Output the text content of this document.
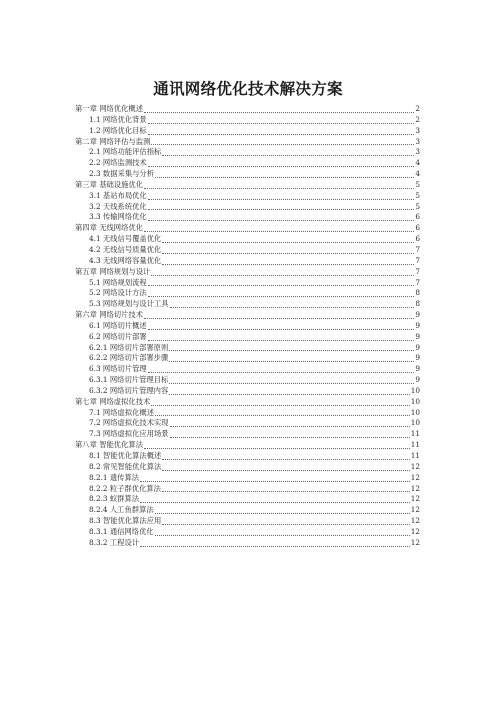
通讯网络优化技术解决方案
第一章 网络优化概述	2
1.1 网络优化背景	2
1.2 网络优化目标	3
第二章 网络评估与监测	3
2.1 网络功能评估指标	3
2.2 网络监测技术	4
2.3 数据采集与分析	4
第三章 基础设施优化	5
3.1 基站布局优化	5
3.2 天线系统优化	5
3.3 传输网络优化	6
第四章 无线网络优化	6
4.1 无线信号覆盖优化	6
4.2 无线信号质量优化	7
4.3 无线网络容量优化	7
第五章 网络规划与设计	7
5.1 网络规划流程	7
5.2 网络设计方法	8
5.3 网络规划与设计工具	8
第六章 网络切片技术	9
6.1 网络切片概述	9
6.2 网络切片部署	9
6.2.1 网络切片部署原则	9
6.2.2 网络切片部署步骤	9
6.3 网络切片管理	9
6.3.1 网络切片管理目标	9
6.3.2 网络切片管理内容	10
第七章 网络虚拟化技术	10
7.1 网络虚拟化概述	10
7.2 网络虚拟化技术实现	10
7.3 网络虚拟化应用场景	11
第八章 智能优化算法	11
8.1 智能优化算法概述	11
8.2 常见智能优化算法	12
8.2.1 遗传算法	12
8.2.2 粒子群优化算法	12
8.2.3 蚁群算法	12
8.2.4 人工鱼群算法	12
8.3 智能优化算法应用	12
8.3.1 通信网络优化	12
8.3.2 工程设计	12
